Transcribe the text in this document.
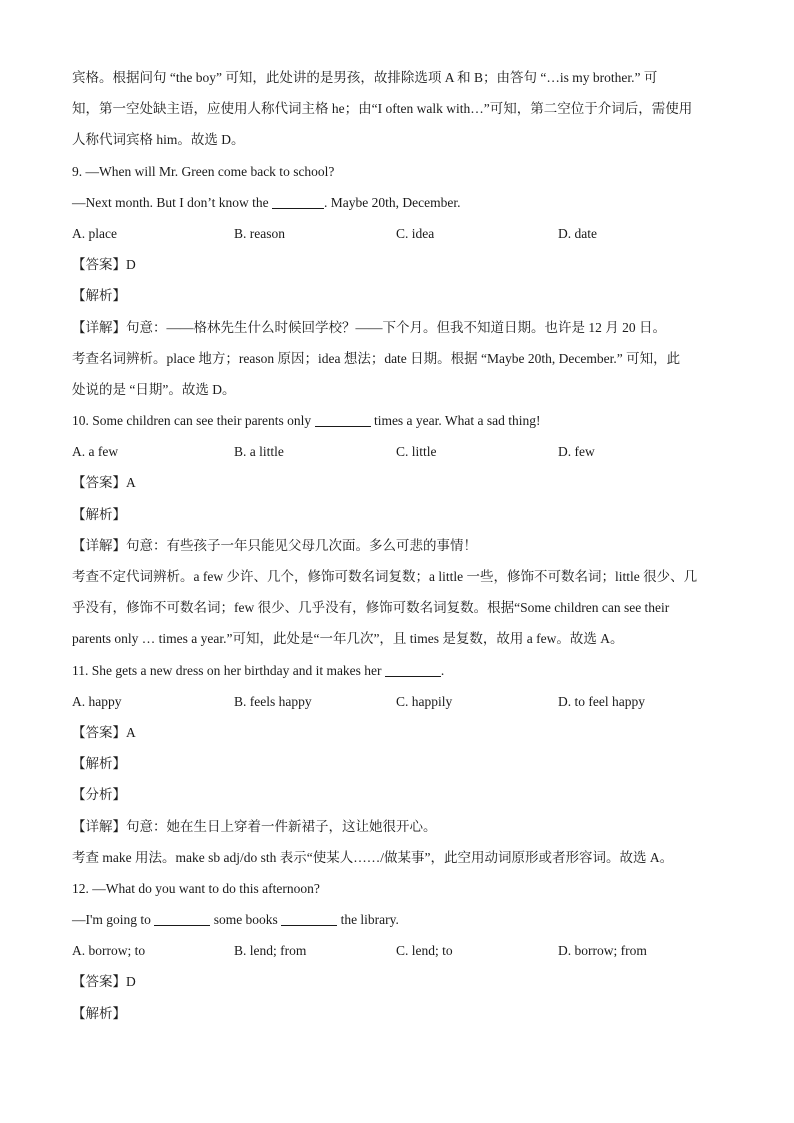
宾格。根据问句 “the boy” 可知，此处讲的是男孩，故排除选项 A 和 B；由答句 “…is my brother.” 可
知，第一空处缺主语，应使用人称代词主格 he；由“I often walk with…”可知，第二空位于介词后，需使用
人称代词宾格 him。故选 D。
9. —When will Mr. Green come back to school?
—Next month. But I don’t know the	. Maybe 20th, December.
A. place	B. reason	C. idea	D. date
【答案】D
【解析】
【详解】句意：——格林先生什么时候回学校？——下个月。但我不知道日期。也许是 12 月 20 日。
考查名词辨析。place 地方；reason 原因；idea 想法；date 日期。根据 “Maybe 20th, December.” 可知，此
处说的是 “日期”。故选 D。
10. Some children can see their parents only	times a year. What a sad thing!
A. a few	B. a little	C. little	D. few
【答案】A
【解析】
【详解】句意：有些孩子一年只能见父母几次面。多么可悲的事情！
考查不定代词辨析。a few 少许、几个，修饰可数名词复数；a little 一些，修饰不可数名词；little 很少、几
乎没有，修饰不可数名词；few 很少、几乎没有，修饰可数名词复数。根据“Some children can see their
parents only … times a year.”可知，此处是“一年几次”，且 times 是复数，故用 a few。故选 A。
11. She gets a new dress on her birthday and it makes her	.
A. happy	B. feels happy	C. happily	D. to feel happy
【答案】A
【解析】
【分析】
【详解】句意：她在生日上穿着一件新裙子，这让她很开心。
考查 make 用法。make sb adj/do sth 表示“使某人……/做某事”，此空用动词原形或者形容词。故选 A。
12. —What do you want to do this afternoon?
—I'm going to	some books	the library.
A. borrow; to	B. lend; from	C. lend; to	D. borrow; from
【答案】D
【解析】
